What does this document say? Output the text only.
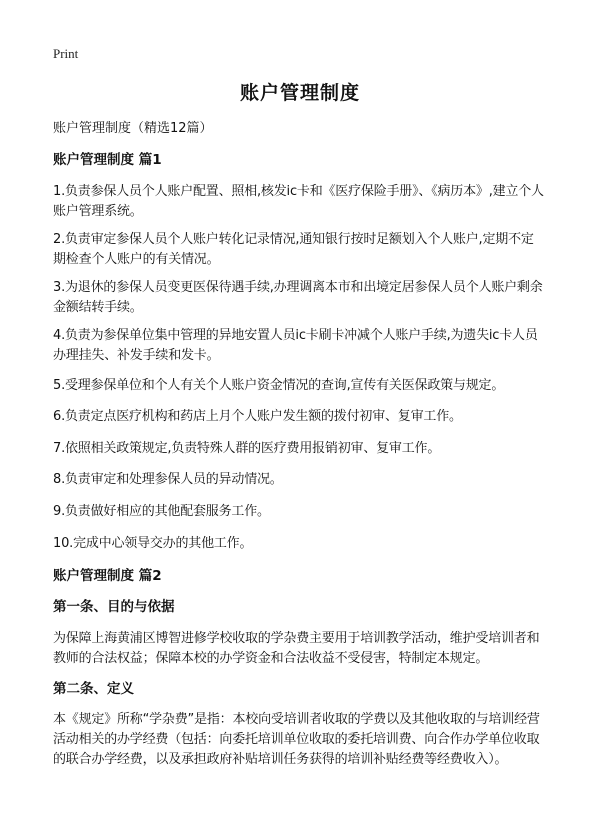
Print
账户管理制度
账户管理制度（精选12篇）
账户管理制度 篇1
1.负责参保人员个人账户配置、照相,核发ic卡和《医疗保险手册》、《病历本》,建立个人账户管理系统。
2.负责审定参保人员个人账户转化记录情况,通知银行按时足额划入个人账户,定期不定期检查个人账户的有关情况。
3.为退休的参保人员变更医保待遇手续,办理调离本市和出境定居参保人员个人账户剩余金额结转手续。
4.负责为参保单位集中管理的异地安置人员ic卡刷卡冲减个人账户手续,为遗失ic卡人员办理挂失、补发手续和发卡。
5.受理参保单位和个人有关个人账户资金情况的查询,宣传有关医保政策与规定。
6.负责定点医疗机构和药店上月个人账户发生额的拨付初审、复审工作。
7.依照相关政策规定,负责特殊人群的医疗费用报销初审、复审工作。
8.负责审定和处理参保人员的异动情况。
9.负责做好相应的其他配套服务工作。
10.完成中心领导交办的其他工作。
账户管理制度 篇2
第一条、目的与依据
为保障上海黄浦区博智进修学校收取的学杂费主要用于培训教学活动，维护受培训者和教师的合法权益；保障本校的办学资金和合法收益不受侵害，特制定本规定。
第二条、定义
本《规定》所称“学杂费”是指：本校向受培训者收取的学费以及其他收取的与培训经营活动相关的办学经费（包括：向委托培训单位收取的委托培训费、向合作办学单位收取的联合办学经费，以及承担政府补贴培训任务获得的培训补贴经费等经费收入）。
